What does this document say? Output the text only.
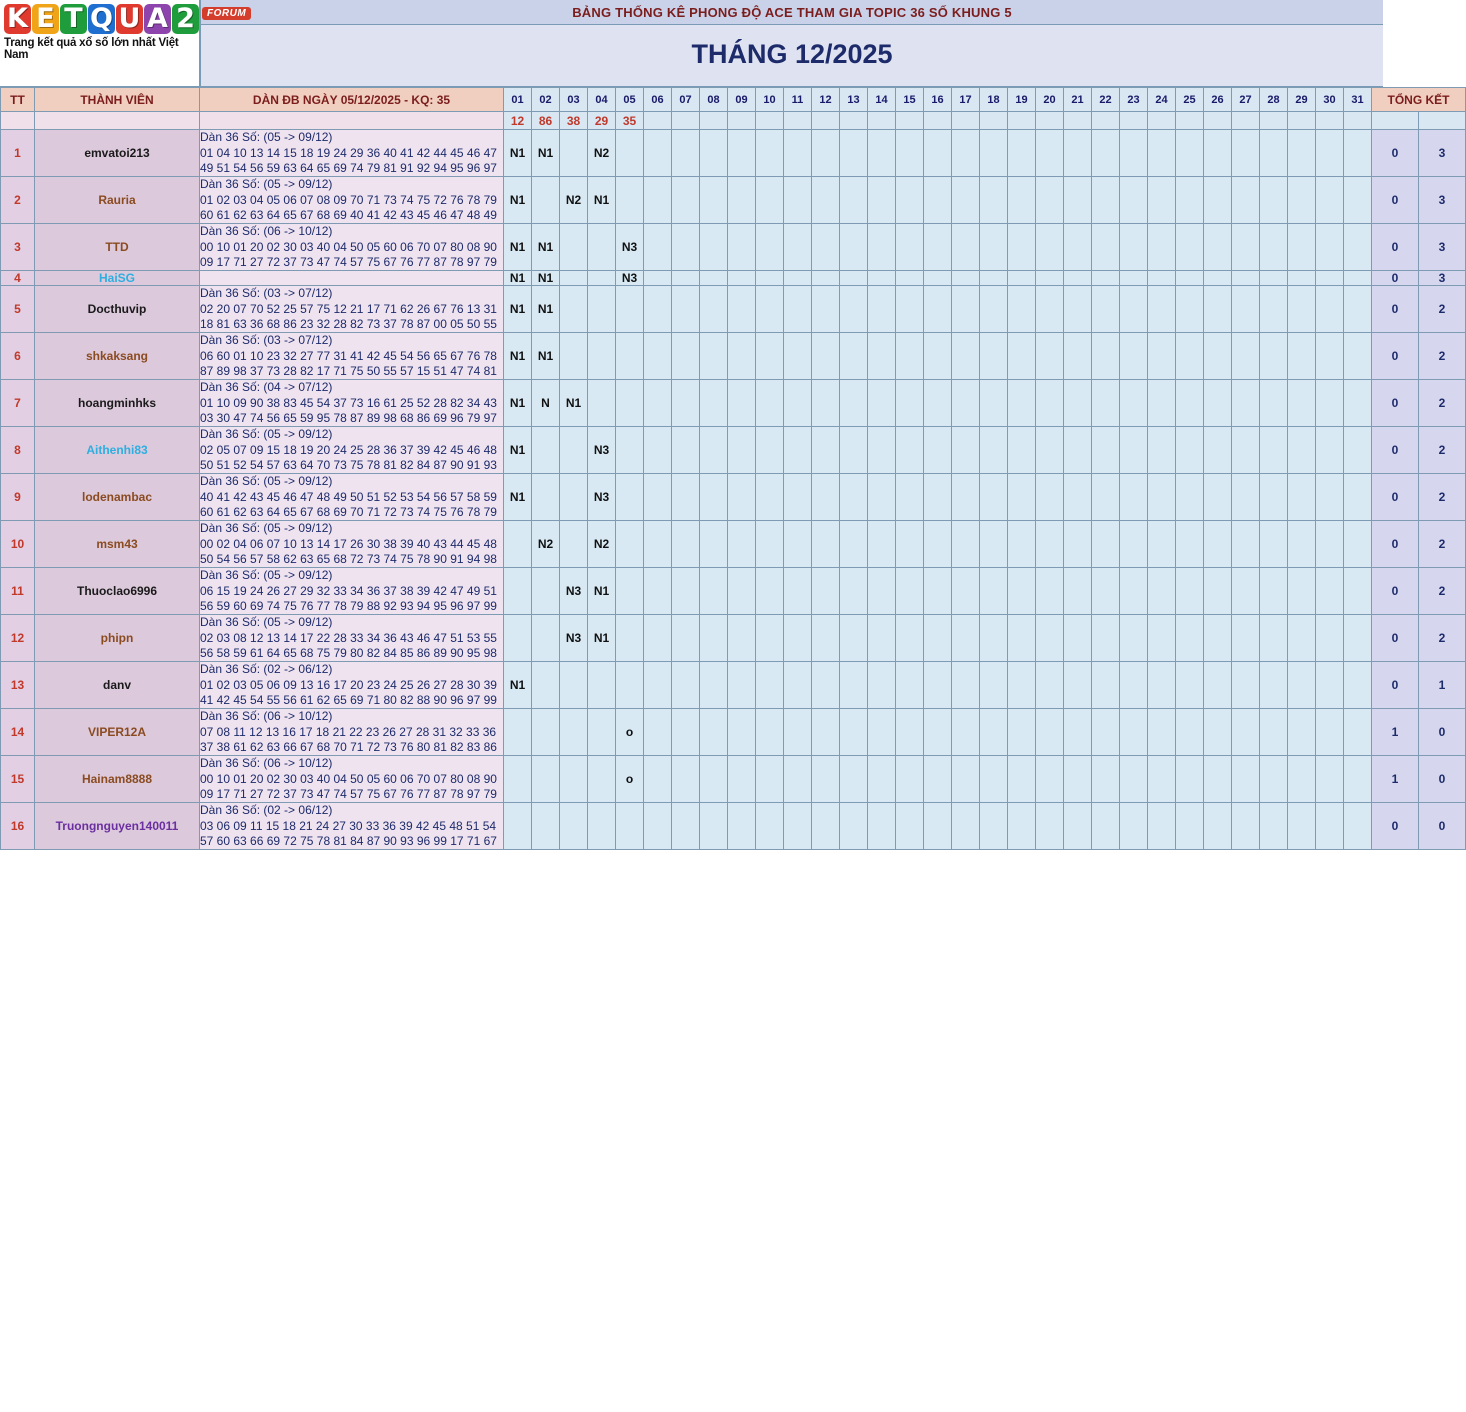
K E T Q U A 2	FORUM
Trang kết quả xổ số lớn nhất Việt Nam
BẢNG THỐNG KÊ PHONG ĐỘ ACE THAM GIA TOPIC 36 SỐ KHUNG 5
THÁNG 12/2025
TT	THÀNH VIÊN	DÀN ĐB NGÀY 05/12/2025 - KQ: 35	01	02	03	04	05	06	07	08	09	10	11	12	13	14	15	16	17	18	19	20	21	22	23	24	25	26	27	28	29	30	31	TỔNG KẾT	
			12	86	38	29	35																												
1	emvatoi213	Dàn 36 Số: (05 -> 09/12)
01 04 10 13 14 15 18 19 24 29 36 40 41 42 44 45 46 47 49 51 54 56 59 63 64 65 69 74 79 81 91 92 94 95 96 97	N1	N1		N2																												0	3
2	Rauria	Dàn 36 Số: (05 -> 09/12)
01 02 03 04 05 06 07 08 09 70 71 73 74 75 72 76 78 79 60 61 62 63 64 65 67 68 69 40 41 42 43 45 46 47 48 49	N1		N2	N1																												0	3
3	TTD	Dàn 36 Số: (06 -> 10/12)
00 10 01 20 02 30 03 40 04 50 05 60 06 70 07 80 08 90 09 17 71 27 72 37 73 47 74 57 75 67 76 77 87 78 97 79	N1	N1			N3																											0	3
4	HaiSG		N1	N1			N3																											0	3
5	Docthuvip	Dàn 36 Số: (03 -> 07/12)
02 20 07 70 52 25 57 75 12 21 17 71 62 26 67 76 13 31 18 81 63 36 68 86 23 32 28 82 73 37 78 87 00 05 50 55	N1	N1																														0	2
6	shkaksang	Dàn 36 Số: (03 -> 07/12)
06 60 01 10 23 32 27 77 31 41 42 45 54 56 65 67 76 78 87 89 98 37 73 28 82 17 71 75 50 55 57 15 51 47 74 81	N1	N1																														0	2
7	hoangminhks	Dàn 36 Số: (04 -> 07/12)
01 10 09 90 38 83 45 54 37 73 16 61 25 52 28 82 34 43 03 30 47 74 56 65 59 95 78 87 89 98 68 86 69 96 79 97	N1	N	N1																													0	2
8	Aithenhi83	Dàn 36 Số: (05 -> 09/12)
02 05 07 09 15 18 19 20 24 25 28 36 37 39 42 45 46 48 50 51 52 54 57 63 64 70 73 75 78 81 82 84 87 90 91 93	N1			N3																												0	2
9	lodenambac	Dàn 36 Số: (05 -> 09/12)
40 41 42 43 45 46 47 48 49 50 51 52 53 54 56 57 58 59 60 61 62 63 64 65 67 68 69 70 71 72 73 74 75 76 78 79	N1			N3																												0	2
10	msm43	Dàn 36 Số: (05 -> 09/12)
00 02 04 06 07 10 13 14 17 26 30 38 39 40 43 44 45 48 50 54 56 57 58 62 63 65 68 72 73 74 75 78 90 91 94 98		N2		N2																												0	2
11	Thuoclao6996	Dàn 36 Số: (05 -> 09/12)
06 15 19 24 26 27 29 32 33 34 36 37 38 39 42 47 49 51 56 59 60 69 74 75 76 77 78 79 88 92 93 94 95 96 97 99			N3	N1																												0	2
12	phipn	Dàn 36 Số: (05 -> 09/12)
02 03 08 12 13 14 17 22 28 33 34 36 43 46 47 51 53 55 56 58 59 61 64 65 68 75 79 80 82 84 85 86 89 90 95 98			N3	N1																												0	2
13	danv	Dàn 36 Số: (02 -> 06/12)
01 02 03 05 06 09 13 16 17 20 23 24 25 26 27 28 30 39 41 42 45 54 55 56 61 62 65 69 71 80 82 88 90 96 97 99	N1																															0	1
14	VIPER12A	Dàn 36 Số: (06 -> 10/12)
07 08 11 12 13 16 17 18 21 22 23 26 27 28 31 32 33 36 37 38 61 62 63 66 67 68 70 71 72 73 76 80 81 82 83 86					o																											1	0
15	Hainam8888	Dàn 36 Số: (06 -> 10/12)
00 10 01 20 02 30 03 40 04 50 05 60 06 70 07 80 08 90 09 17 71 27 72 37 73 47 74 57 75 67 76 77 87 78 97 79					o																											1	0
16	Truongnguyen140011	Dàn 36 Số: (02 -> 06/12)
03 06 09 11 15 18 21 24 27 30 33 36 39 42 45 48 51 54 57 60 63 66 69 72 75 78 81 84 87 90 93 96 99 17 71 67																																0	0
